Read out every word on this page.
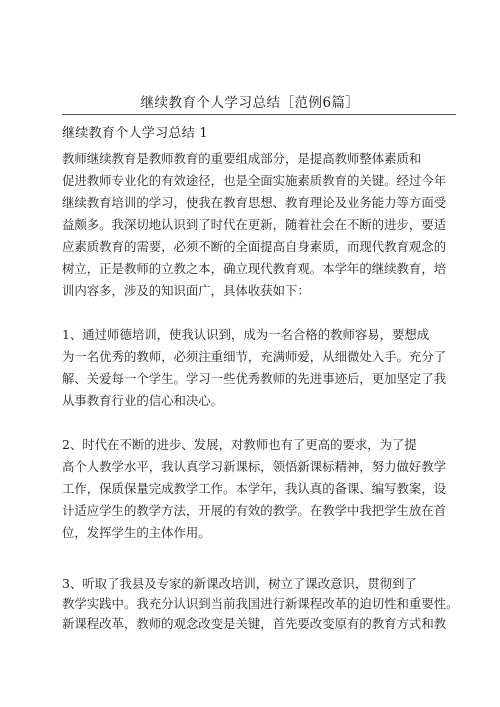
继续教育个人学习总结［范例6篇］
继续教育个人学习总结 1
教师继续教育是教师教育的重要组成部分，是提高教师整体素质和
促进教师专业化的有效途径，也是全面实施素质教育的关键。经过今年
继续教育培训的学习，使我在教育思想、教育理论及业务能力等方面受
益颇多。我深切地认识到了时代在更新，随着社会在不断的进步，要适
应素质教育的需要，必须不断的全面提高自身素质，而现代教育观念的
树立，正是教师的立教之本，确立现代教育观。本学年的继续教育，培
训内容多，涉及的知识面广，具体收获如下：
1、通过师德培训，使我认识到，成为一名合格的教师容易，要想成
为一名优秀的教师，必须注重细节，充满师爱，从细微处入手。充分了
解、关爱每一个学生。学习一些优秀教师的先进事迹后，更加坚定了我
从事教育行业的信心和决心。
2、时代在不断的进步、发展，对教师也有了更高的要求，为了提
高个人教学水平，我认真学习新课标，领悟新课标精神，努力做好教学
工作，保质保量完成教学工作。本学年，我认真的备课、编写教案，设
计适应学生的教学方法，开展的有效的教学。在教学中我把学生放在首
位，发挥学生的主体作用。
3、听取了我县及专家的新课改培训，树立了课改意识，贯彻到了
教学实践中。我充分认识到当前我国进行新课程改革的迫切性和重要性。
新课程改革，教师的观念改变是关键，首先要改变原有的教育方式和教
